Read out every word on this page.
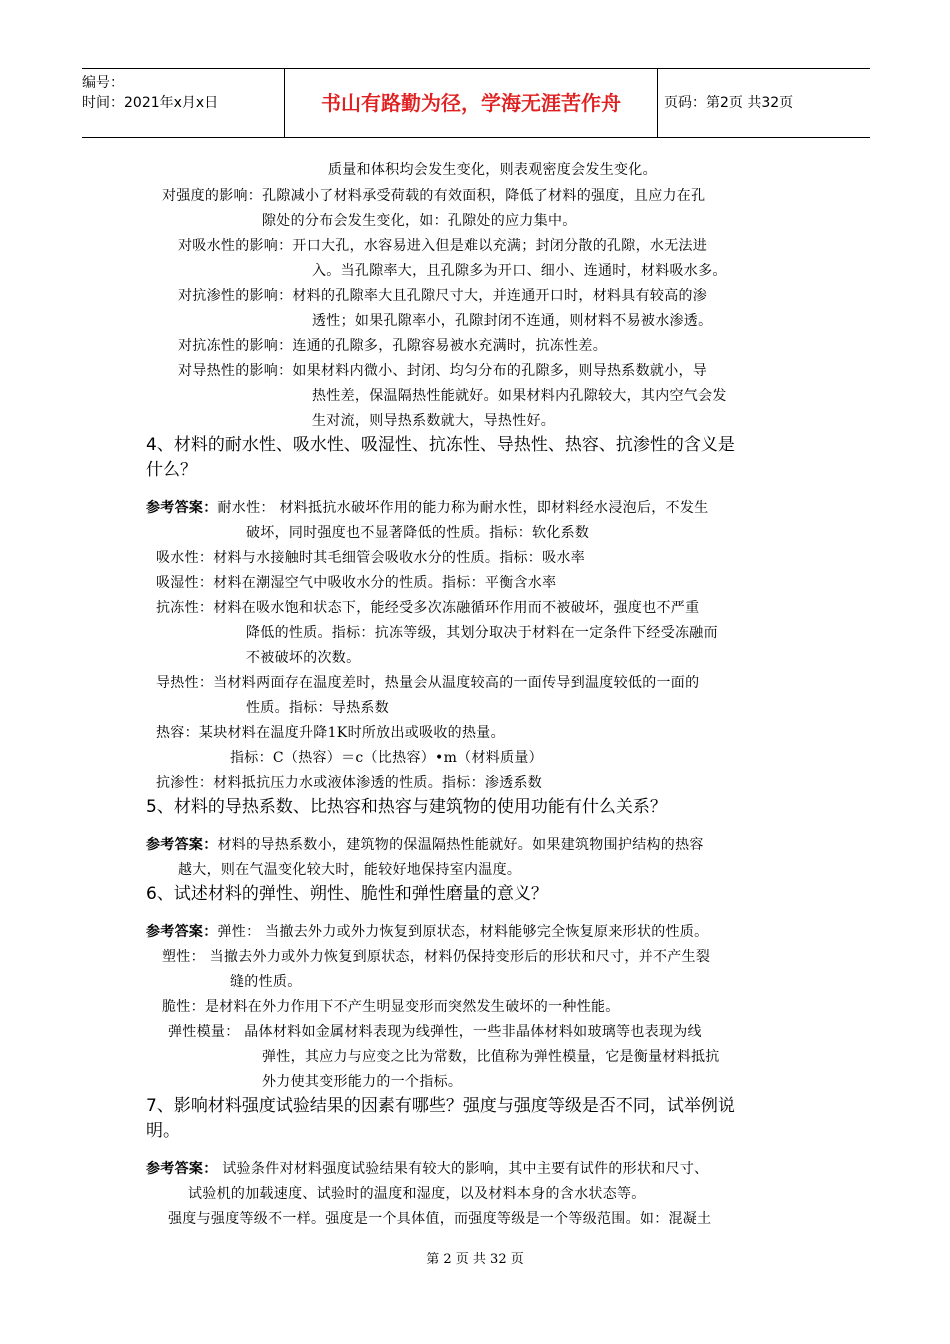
编号：
时间：2021年x月x日	书山有路勤为径，学海无涯苦作舟	页码：第2页 共32页
质量和体积均会发生变化，则表观密度会发生变化。
对强度的影响：孔隙减小了材料承受荷载的有效面积，降低了材料的强度，且应力在孔
隙处的分布会发生变化，如：孔隙处的应力集中。
对吸水性的影响：开口大孔，水容易进入但是难以充满；封闭分散的孔隙，水无法进
入。当孔隙率大，且孔隙多为开口、细小、连通时，材料吸水多。
对抗渗性的影响：材料的孔隙率大且孔隙尺寸大，并连通开口时，材料具有较高的渗
透性；如果孔隙率小，孔隙封闭不连通，则材料不易被水渗透。
对抗冻性的影响：连通的孔隙多，孔隙容易被水充满时，抗冻性差。
对导热性的影响：如果材料内微小、封闭、均匀分布的孔隙多，则导热系数就小，导
热性差，保温隔热性能就好。如果材料内孔隙较大，其内空气会发
生对流，则导热系数就大，导热性好。
4、材料的耐水性、吸水性、吸湿性、抗冻性、导热性、热容、抗渗性的含义是
什么？
参考答案：耐水性： 材料抵抗水破坏作用的能力称为耐水性，即材料经水浸泡后，不发生
破坏，同时强度也不显著降低的性质。指标：软化系数
吸水性：材料与水接触时其毛细管会吸收水分的性质。指标：吸水率
吸湿性：材料在潮湿空气中吸收水分的性质。指标：平衡含水率
抗冻性：材料在吸水饱和状态下，能经受多次冻融循环作用而不被破坏，强度也不严重
降低的性质。指标：抗冻等级，其划分取决于材料在一定条件下经受冻融而
不被破坏的次数。
导热性：当材料两面存在温度差时，热量会从温度较高的一面传导到温度较低的一面的
性质。指标：导热系数
热容：某块材料在温度升降1K时所放出或吸收的热量。
指标：C（热容）＝c（比热容）•m（材料质量）
抗渗性：材料抵抗压力水或液体渗透的性质。指标：渗透系数
5、材料的导热系数、比热容和热容与建筑物的使用功能有什么关系？
参考答案：材料的导热系数小，建筑物的保温隔热性能就好。如果建筑物围护结构的热容
越大，则在气温变化较大时，能较好地保持室内温度。
6、试述材料的弹性、朔性、脆性和弹性磨量的意义？
参考答案：弹性： 当撤去外力或外力恢复到原状态，材料能够完全恢复原来形状的性质。
塑性： 当撤去外力或外力恢复到原状态，材料仍保持变形后的形状和尺寸，并不产生裂
缝的性质。
脆性：是材料在外力作用下不产生明显变形而突然发生破坏的一种性能。
弹性模量： 晶体材料如金属材料表现为线弹性，一些非晶体材料如玻璃等也表现为线
弹性，其应力与应变之比为常数，比值称为弹性模量，它是衡量材料抵抗
外力使其变形能力的一个指标。
7、影响材料强度试验结果的因素有哪些？强度与强度等级是否不同，试举例说
明。
参考答案： 试验条件对材料强度试验结果有较大的影响，其中主要有试件的形状和尺寸、
试验机的加载速度、试验时的温度和湿度，以及材料本身的含水状态等。
强度与强度等级不一样。强度是一个具体值，而强度等级是一个等级范围。如：混凝土
第 2 页 共 32 页
